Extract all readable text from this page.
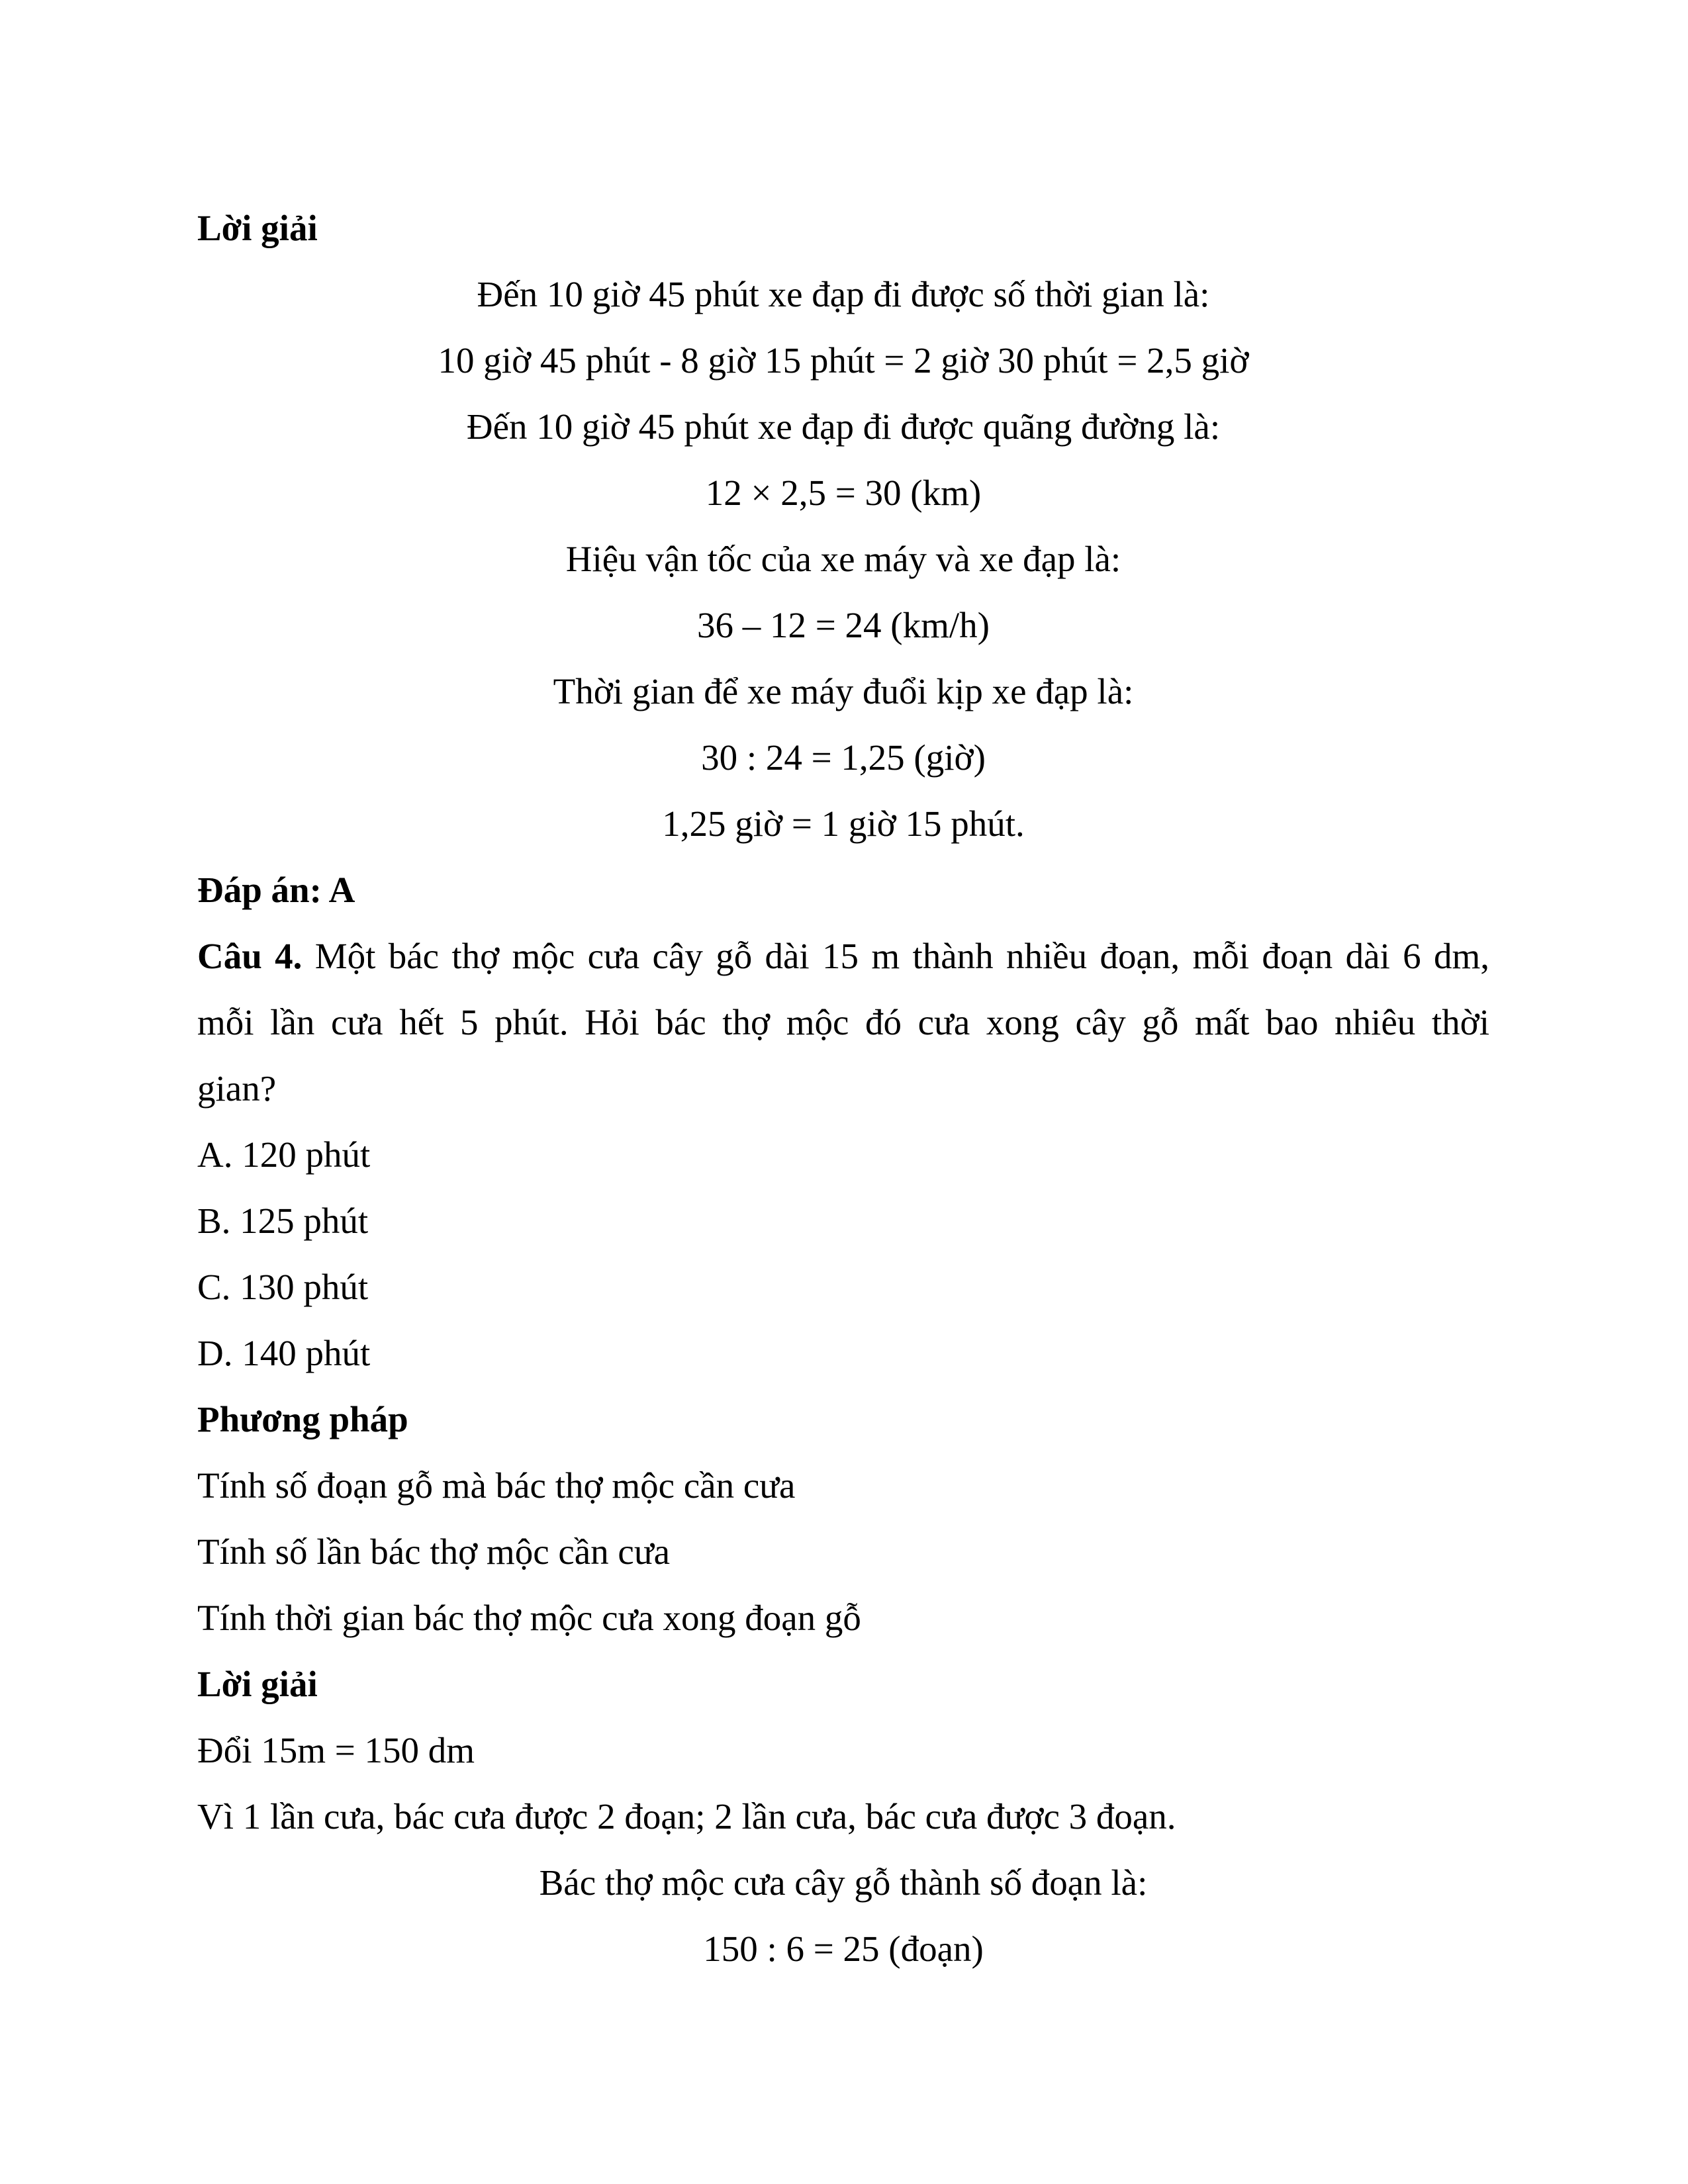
Lời giải
Đến 10 giờ 45 phút xe đạp đi được số thời gian là:
10 giờ 45 phút - 8 giờ 15 phút = 2 giờ 30 phút = 2,5 giờ
Đến 10 giờ 45 phút xe đạp đi được quãng đường là:
12 × 2,5 = 30 (km)
Hiệu vận tốc của xe máy và xe đạp là:
36 – 12 = 24 (km/h)
Thời gian để xe máy đuổi kịp xe đạp là:
30 : 24 = 1,25 (giờ)
1,25 giờ = 1 giờ 15 phút.
Đáp án: A
Câu 4. Một bác thợ mộc cưa cây gỗ dài 15 m thành nhiều đoạn, mỗi đoạn dài 6 dm,
mỗi lần cưa hết 5 phút. Hỏi bác thợ mộc đó cưa xong cây gỗ mất bao nhiêu thời
gian?
A. 120 phút
B. 125 phút
C. 130 phút
D. 140 phút
Phương pháp
Tính số đoạn gỗ mà bác thợ mộc cần cưa
Tính số lần bác thợ mộc cần cưa
Tính thời gian bác thợ mộc cưa xong đoạn gỗ
Lời giải
Đổi 15m = 150 dm
Vì 1 lần cưa, bác cưa được 2 đoạn; 2 lần cưa, bác cưa được 3 đoạn.
Bác thợ mộc cưa cây gỗ thành số đoạn là:
150 : 6 = 25 (đoạn)
